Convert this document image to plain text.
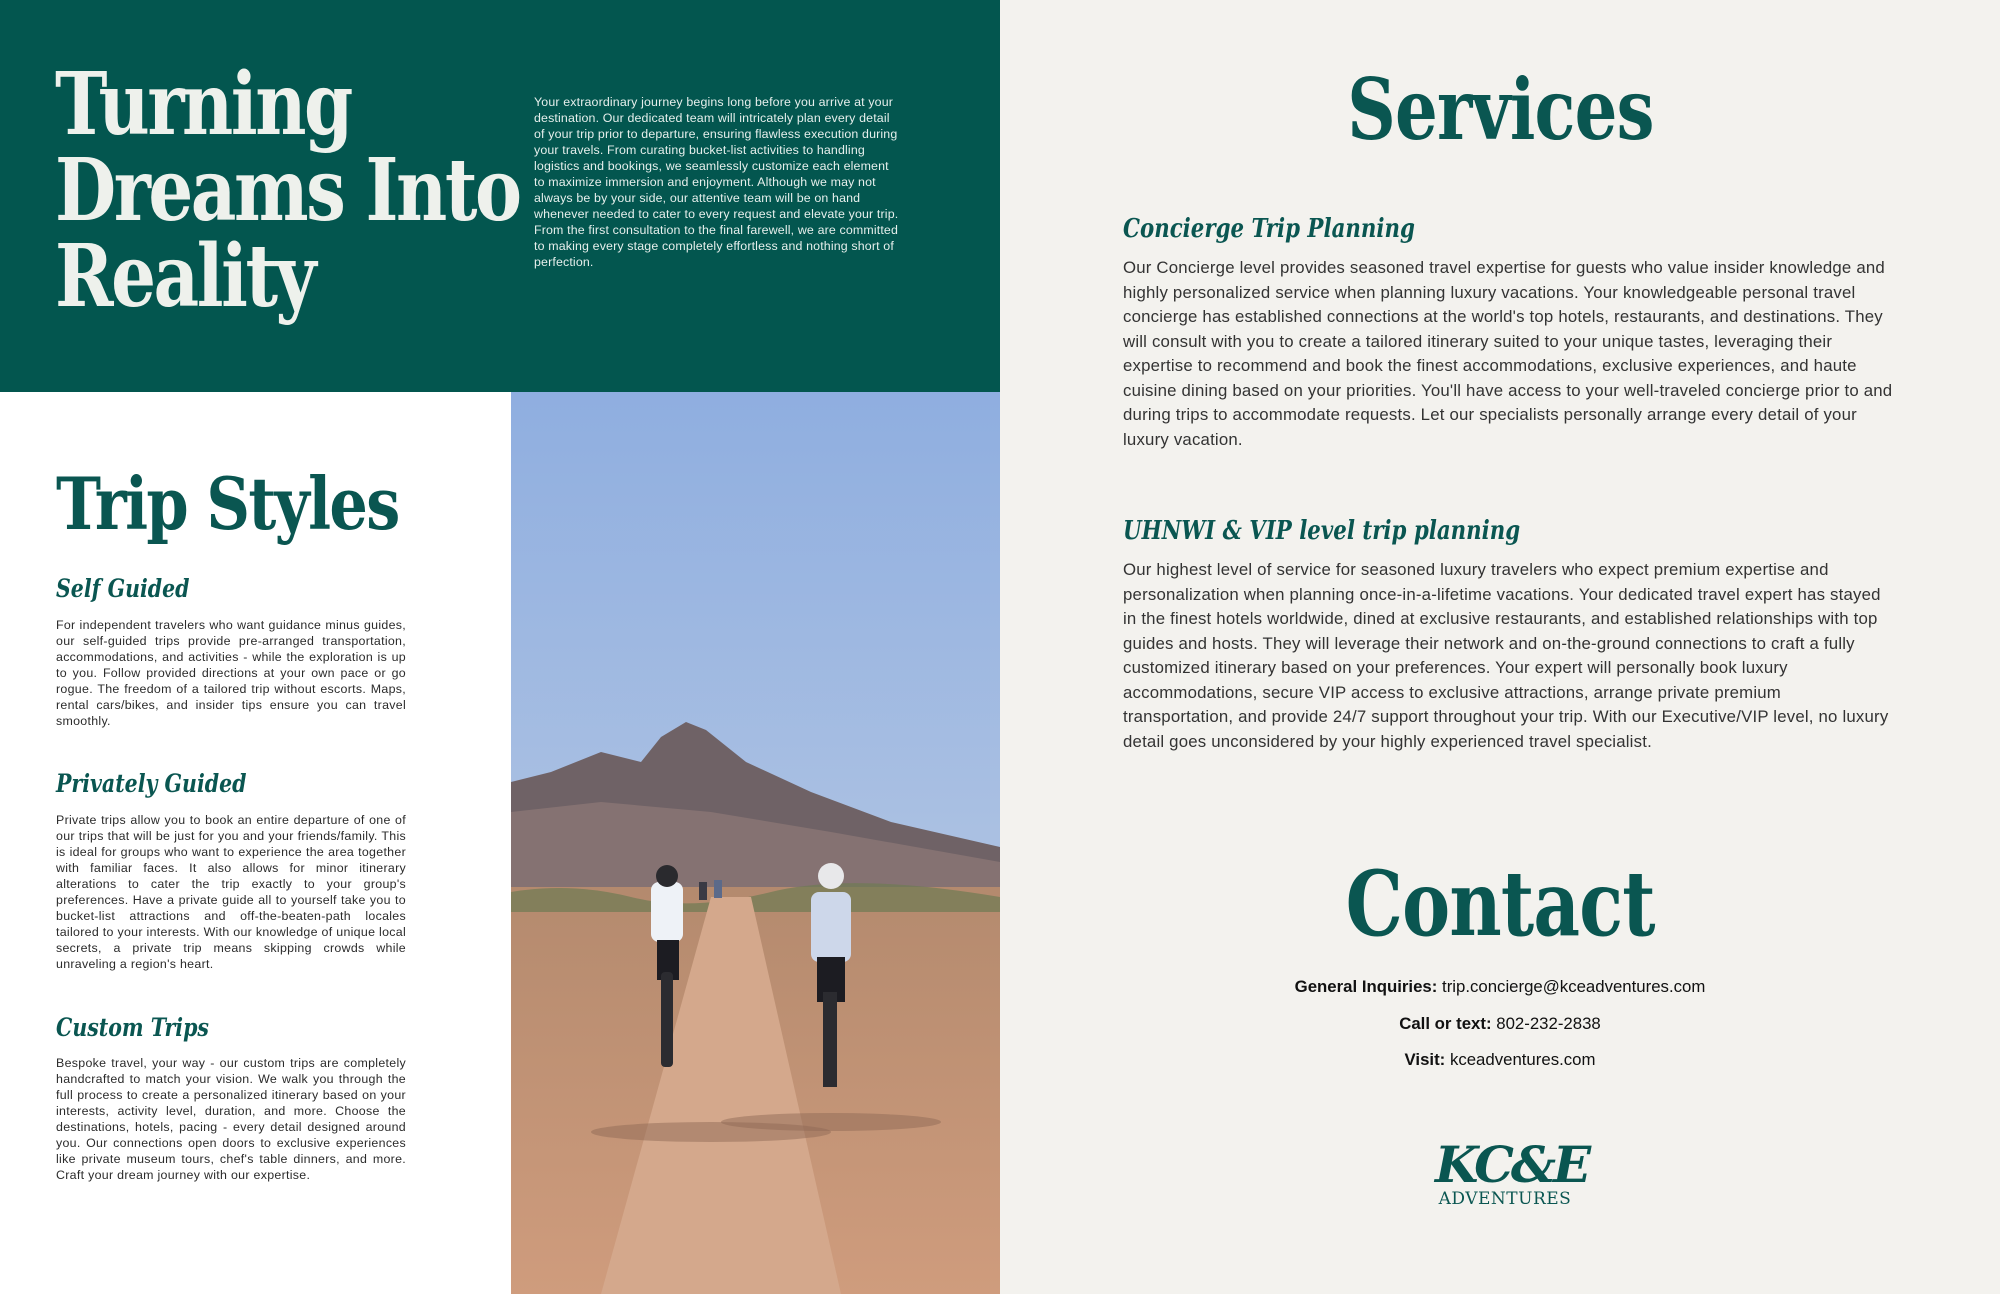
Turning
Dreams Into
Reality

Your extraordinary journey begins long before you arrive at your destination. Our dedicated team will intricately plan every detail of your trip prior to departure, ensuring flawless execution during your travels. From curating bucket-list activities to handling logistics and bookings, we seamlessly customize each element to maximize immersion and enjoyment. Although we may not always be by your side, our attentive team will be on hand whenever needed to cater to every request and elevate your trip. From the first consultation to the final farewell, we are committed to making every stage completely effortless and nothing short of perfection.

Trip Styles
Self Guided

For independent travelers who want guidance minus guides, our self-guided trips provide pre-arranged transportation, accommodations, and activities - while the exploration is up to you. Follow provided directions at your own pace or go rogue. The freedom of a tailored trip without escorts. Maps, rental cars/bikes, and insider tips ensure you can travel smoothly.

Privately Guided

Private trips allow you to book an entire departure of one of our trips that will be just for you and your friends/family. This is ideal for groups who want to experience the area together with familiar faces. It also allows for minor itinerary alterations to cater the trip exactly to your group's preferences. Have a private guide all to yourself take you to bucket-list attractions and off-the-beaten-path locales tailored to your interests. With our knowledge of unique local secrets, a private trip means skipping crowds while unraveling a region's heart.

Custom Trips

Bespoke travel, your way - our custom trips are completely handcrafted to match your vision. We walk you through the full process to create a personalized itinerary based on your interests, activity level, duration, and more. Choose the destinations, hotels, pacing - every detail designed around you. Our connections open doors to exclusive experiences like private museum tours, chef's table dinners, and more. Craft your dream journey with our expertise.

Services
Concierge Trip Planning

Our Concierge level provides seasoned travel expertise for guests who value insider knowledge and highly personalized service when planning luxury vacations. Your knowledgeable personal travel concierge has established connections at the world's top hotels, restaurants, and destinations. They will consult with you to create a tailored itinerary suited to your unique tastes, leveraging their expertise to recommend and book the finest accommodations, exclusive experiences, and haute cuisine dining based on your priorities. You'll have access to your well-traveled concierge prior to and during trips to accommodate requests. Let our specialists personally arrange every detail of your luxury vacation.

UHNWI & VIP level trip planning

Our highest level of service for seasoned luxury travelers who expect premium expertise and personalization when planning once-in-a-lifetime vacations. Your dedicated travel expert has stayed in the finest hotels worldwide, dined at exclusive restaurants, and established relationships with top guides and hosts. They will leverage their network and on-the-ground connections to craft a fully customized itinerary based on your preferences. Your expert will personally book luxury accommodations, secure VIP access to exclusive attractions, arrange private premium transportation, and provide 24/7 support throughout your trip. With our Executive/VIP level, no luxury detail goes unconsidered by your highly experienced travel specialist.

Contact
General Inquiries: trip.concierge@kceadventures.com
Call or text: 802-232-2838
Visit: kceadventures.com
KC&E
ADVENTURES
